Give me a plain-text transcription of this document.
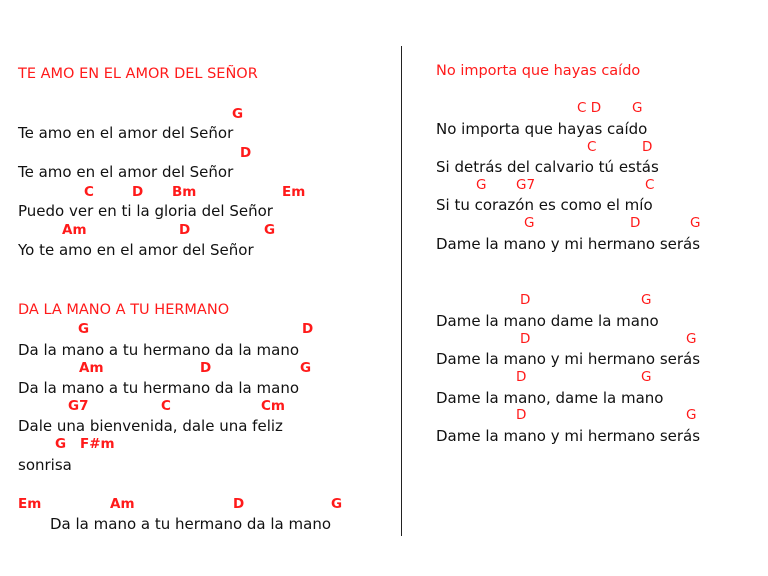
TE AMO EN EL AMOR DEL SEÑOR
G
Te amo en el amor del Señor
D
Te amo en el amor del Señor
C	D Bm	Em
Puedo ver en ti la gloria del Señor
Am	D	G
Yo te amo en el amor del Señor
DA LA MANO A TU HERMANO
G	D
Da la mano a tu hermano da la mano
Am	D	G
Da la mano a tu hermano da la mano
G7	C	Cm
Dale una bienvenida, dale una feliz
G F#m
sonrisa
Em	Am	D	G
Da la mano a tu hermano da la mano
No importa que hayas caído
C D G
No importa que hayas caído
C	D
Si detrás del calvario tú estás
G G7	C
Si tu corazón es como el mío
G	D	G
Dame la mano y mi hermano serás
D	G
Dame la mano dame la mano
D	G
Dame la mano y mi hermano serás
D	G
Dame la mano, dame la mano
D	G
Dame la mano y mi hermano serás
